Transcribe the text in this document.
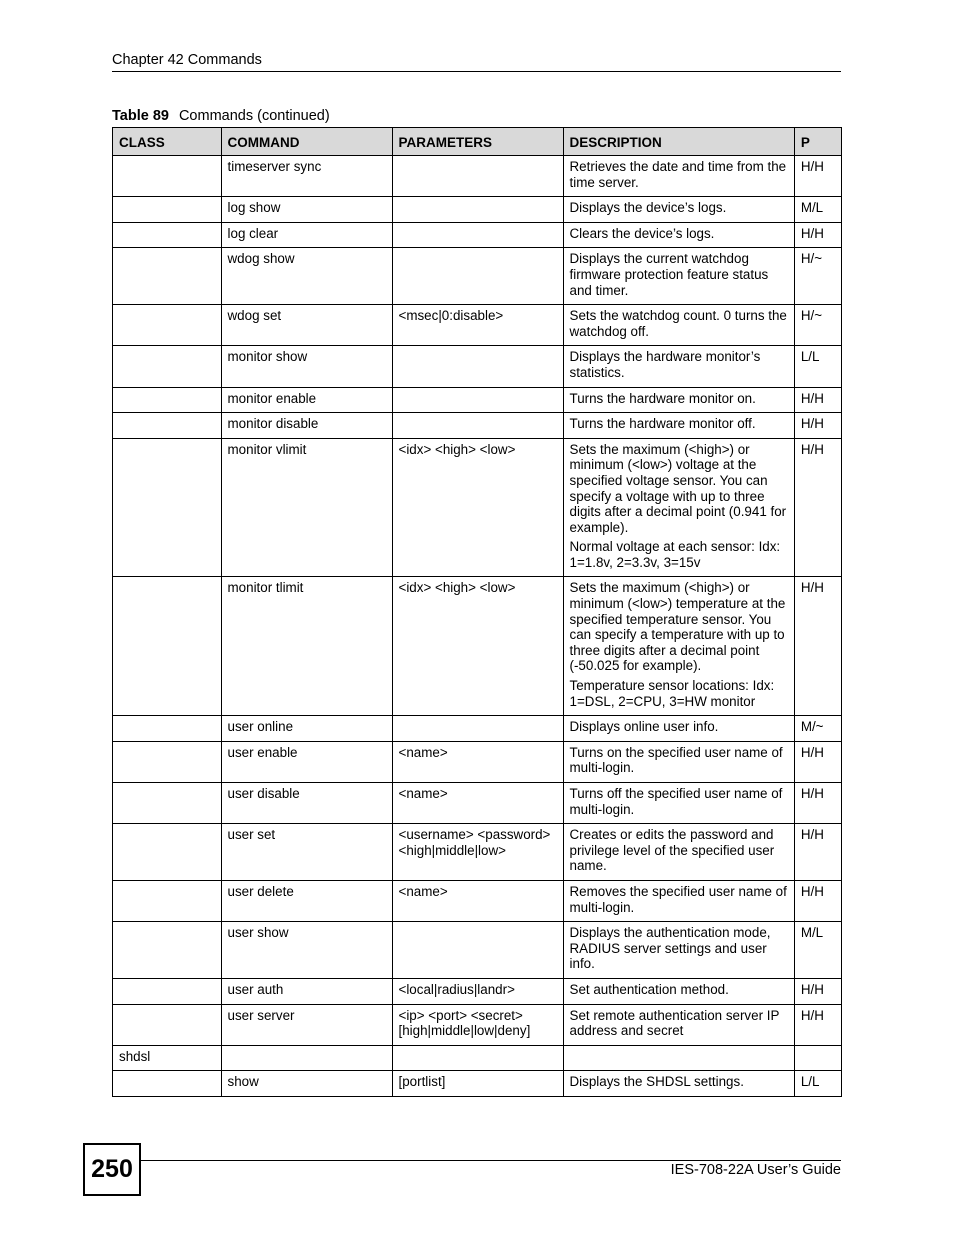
Chapter 42 Commands
Table 89 Commands (continued)
CLASS	COMMAND	PARAMETERS	DESCRIPTION	P
	timeserver sync		Retrieves the date and time from the time server.	H/H
	log show		Displays the device’s logs.	M/L
	log clear		Clears the device’s logs.	H/H
	wdog show		Displays the current watchdog firmware protection feature status and timer.	H/~
	wdog set	<msec|0:disable>	Sets the watchdog count. 0 turns the watchdog off.	H/~
	monitor show		Displays the hardware monitor’s statistics.	L/L
	monitor enable		Turns the hardware monitor on.	H/H
	monitor disable		Turns the hardware monitor off.	H/H
	monitor vlimit	<idx> <high> <low>	Sets the maximum (<high>) or minimum (<low>) voltage at the specified voltage sensor. You can specify a voltage with up to three digits after a decimal point (0.941 for example).

Normal voltage at each sensor: Idx: 1=1.8v, 2=3.3v, 3=15v	H/H
	monitor tlimit	<idx> <high> <low>	Sets the maximum (<high>) or minimum (<low>) temperature at the specified temperature sensor. You can specify a temperature with up to three digits after a decimal point (-50.025 for example).

Temperature sensor locations: Idx: 1=DSL, 2=CPU, 3=HW monitor	H/H
	user online		Displays online user info.	M/~
	user enable	<name>	Turns on the specified user name of multi-login.	H/H
	user disable	<name>	Turns off the specified user name of multi-login.	H/H
	user set	<username> <password> <high|middle|low>	Creates or edits the password and privilege level of the specified user name.	H/H
	user delete	<name>	Removes the specified user name of multi-login.	H/H
	user show		Displays the authentication mode, RADIUS server settings and user info.	M/L
	user auth	<local|radius|landr>	Set authentication method.	H/H
	user server	<ip> <port> <secret> [high|middle|low|deny]	Set remote authentication server IP address and secret	H/H
shdsl			

	show	[portlist]	Displays the SHDSL settings.	L/L
250	IES-708-22A User’s Guide
